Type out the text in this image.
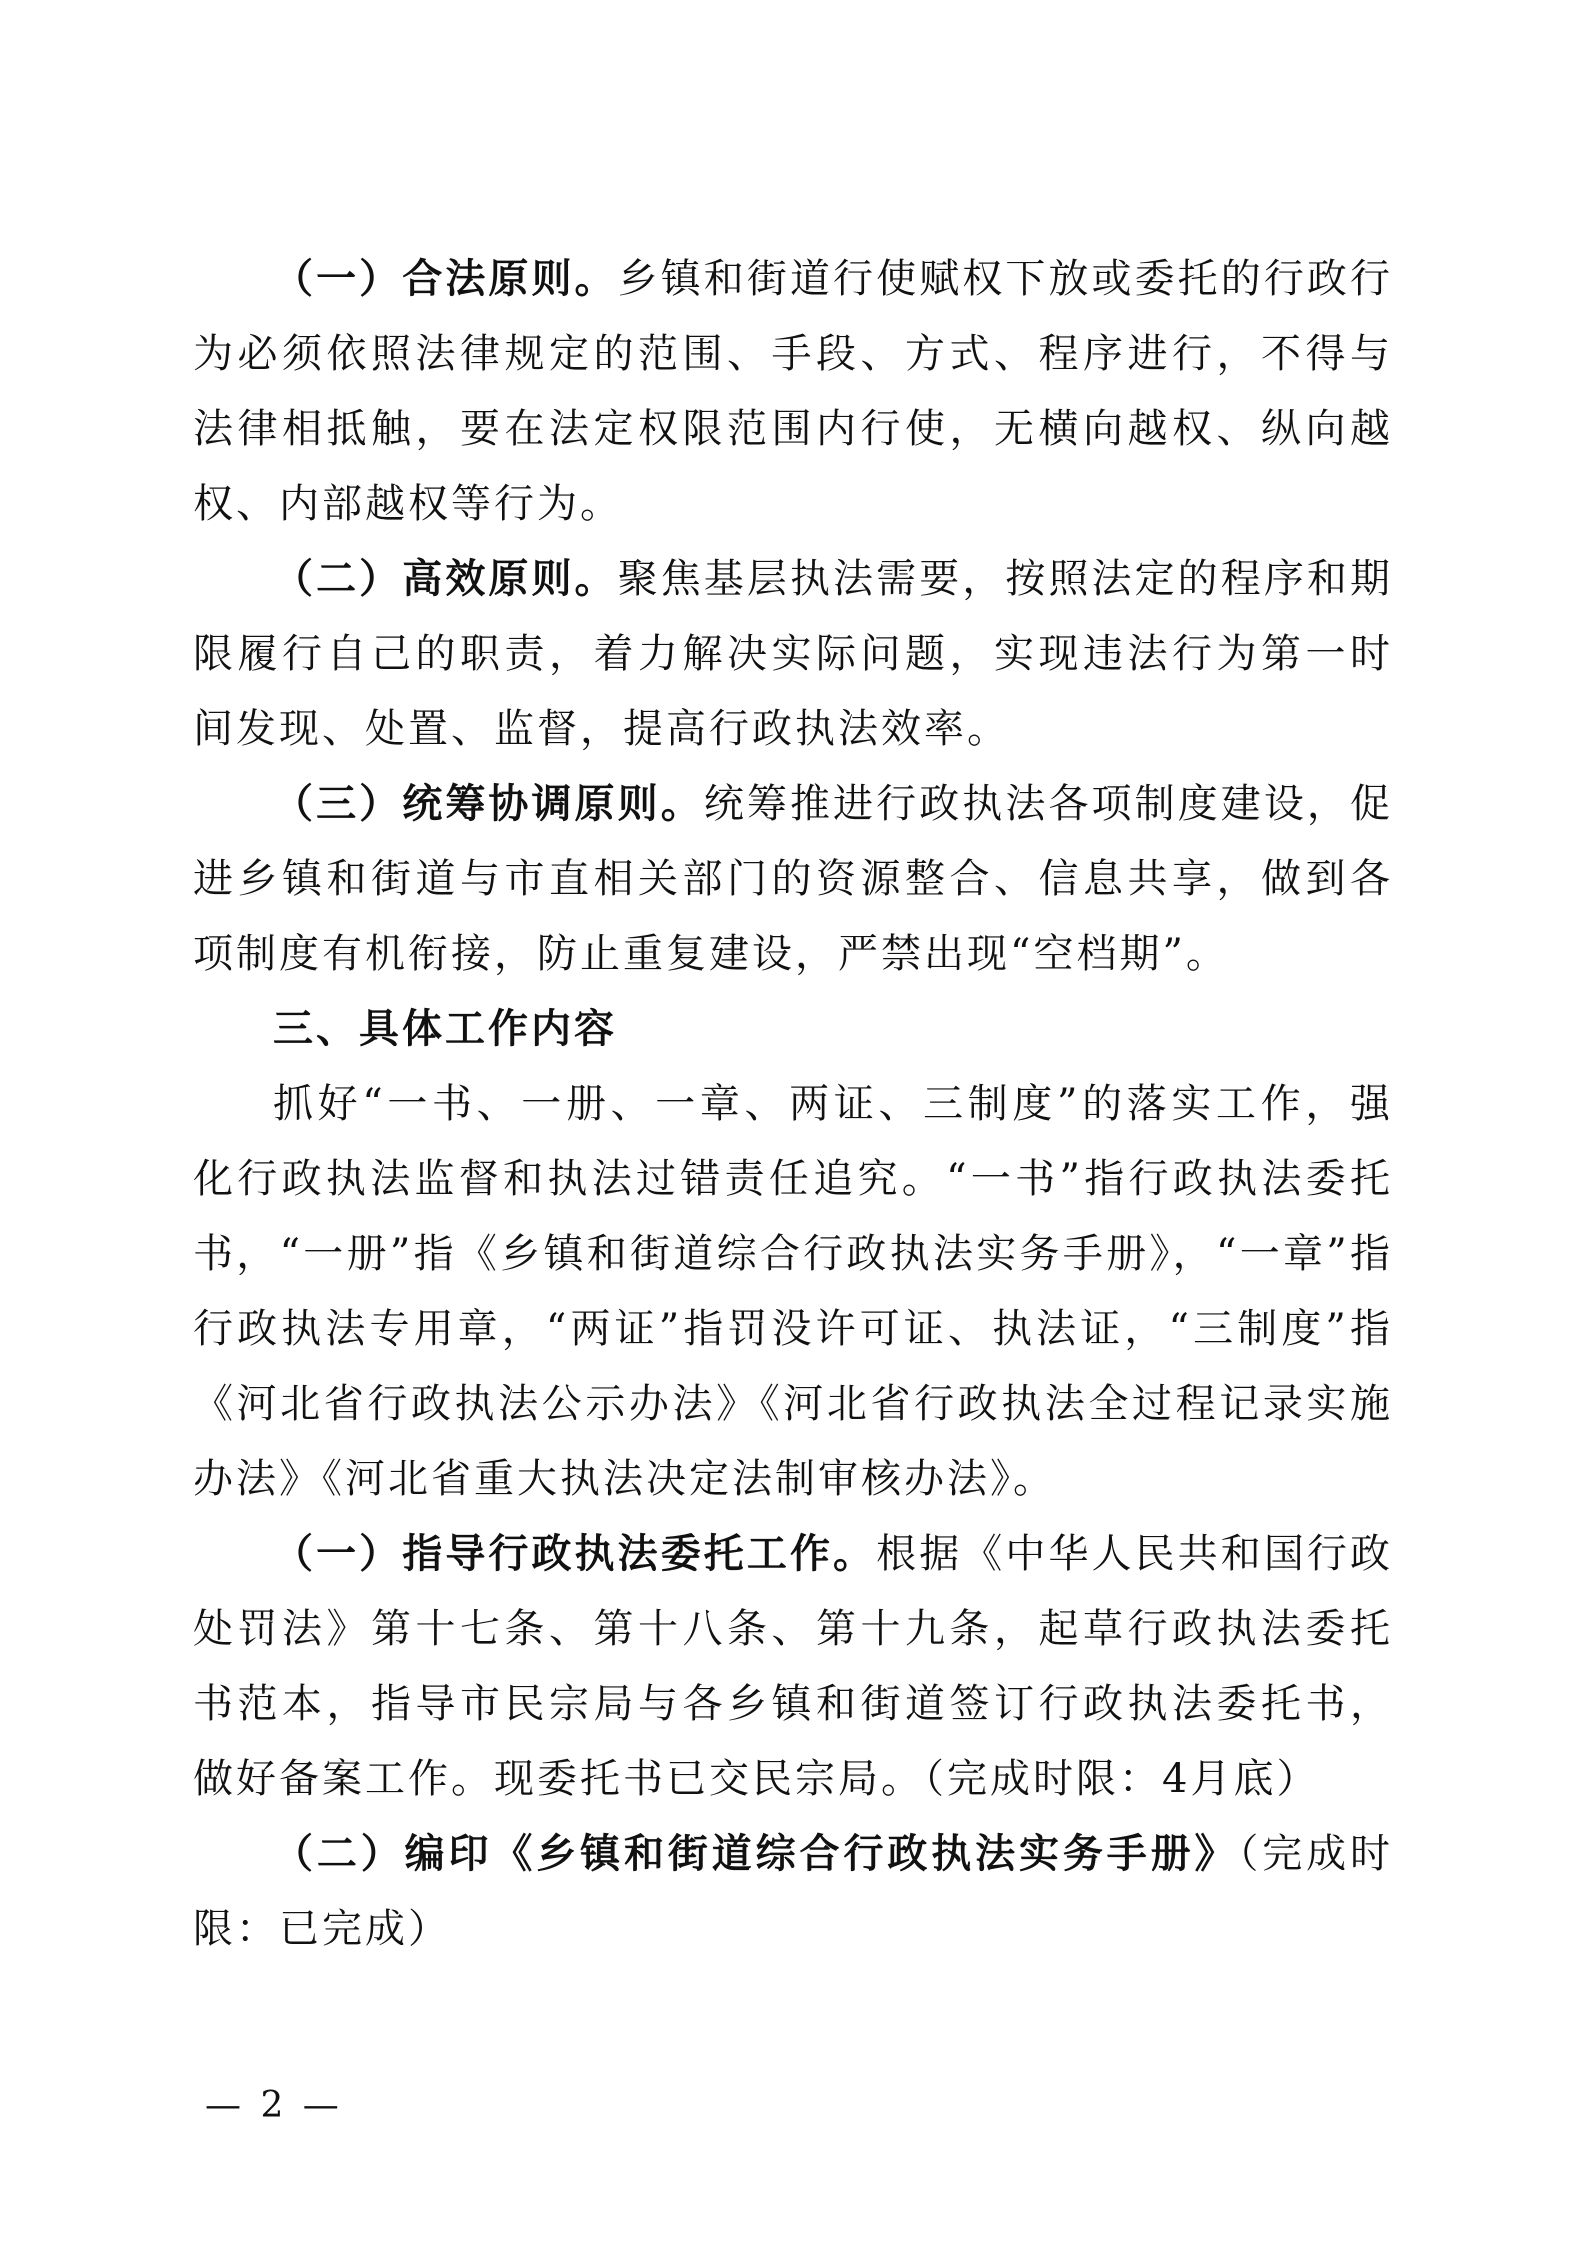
（一）合法原则。乡镇和街道行使赋权下放或委托的行政行为必须依照法律规定的范围、手段、方式、程序进行，不得与法律相抵触，要在法定权限范围内行使，无横向越权、纵向越权、内部越权等行为。

（二）高效原则。聚焦基层执法需要，按照法定的程序和期限履行自己的职责，着力解决实际问题，实现违法行为第一时间发现、处置、监督，提高行政执法效率。

（三）统筹协调原则。统筹推进行政执法各项制度建设，促进乡镇和街道与市直相关部门的资源整合、信息共享，做到各项制度有机衔接，防止重复建设，严禁出现“空档期”。

三、具体工作内容

抓好“一书、一册、一章、两证、三制度”的落实工作，强化行政执法监督和执法过错责任追究。“一书”指行政执法委托书，“一册”指《乡镇和街道综合行政执法实务手册》，“一章”指行政执法专用章，“两证”指罚没许可证、执法证，“三制度”指《河北省行政执法公示办法》《河北省行政执法全过程记录实施办法》《河北省重大执法决定法制审核办法》。

（一）指导行政执法委托工作。根据《中华人民共和国行政处罚法》第十七条、第十八条、第十九条，起草行政执法委托书范本，指导市民宗局与各乡镇和街道签订行政执法委托书，做好备案工作。现委托书已交民宗局。（完成时限：4月底）

（二）编印《乡镇和街道综合行政执法实务手册》（完成时限：已完成）

— 2 —
